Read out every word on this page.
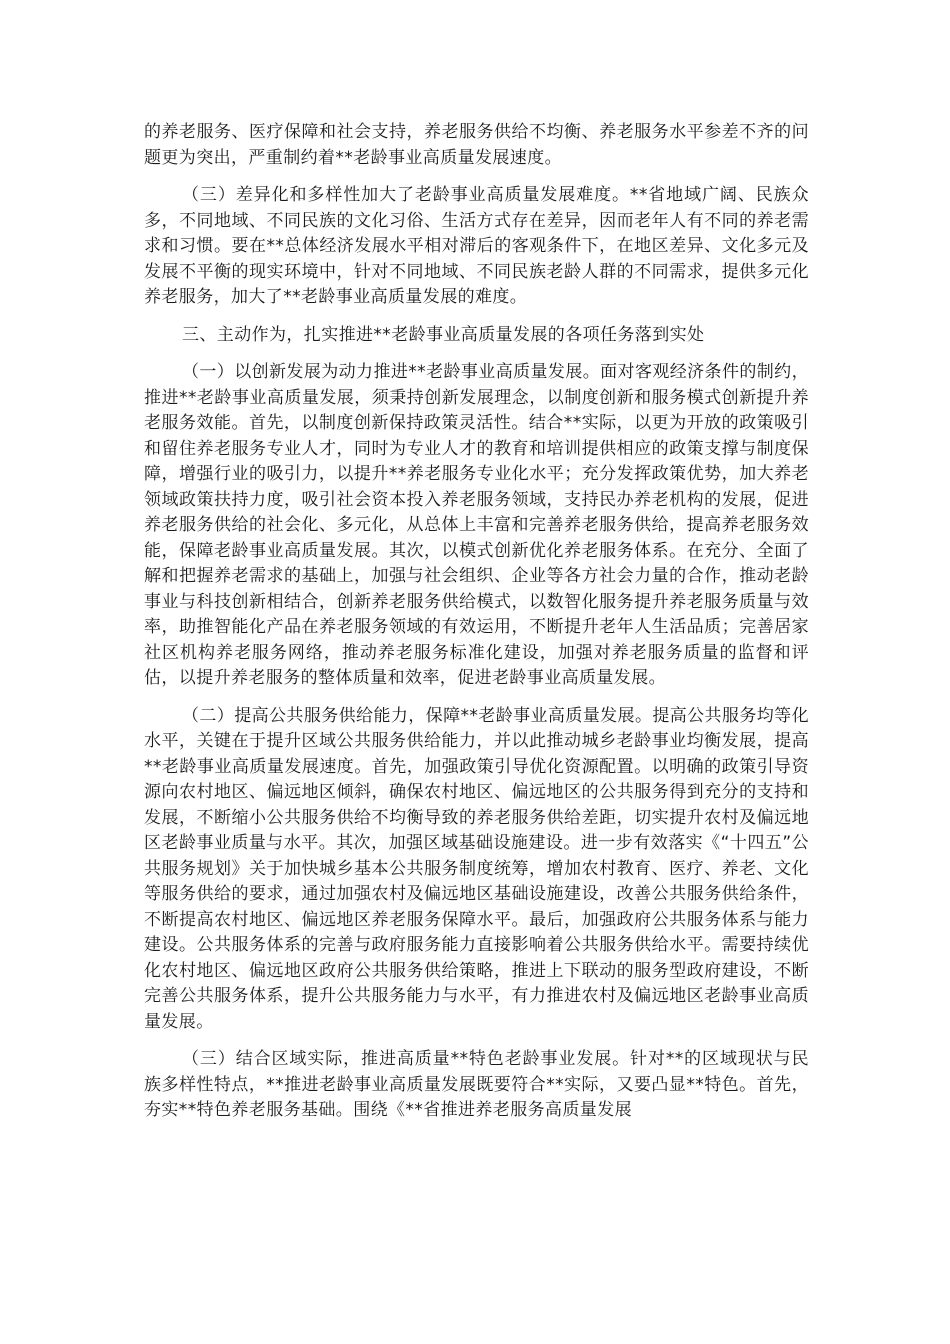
的养老服务、医疗保障和社会支持，养老服务供给不均衡、养老服务水平参差不齐的问题更为突出，严重制约着**老龄事业高质量发展速度。

（三）差异化和多样性加大了老龄事业高质量发展难度。**省地域广阔、民族众多，不同地域、不同民族的文化习俗、生活方式存在差异，因而老年人有不同的养老需求和习惯。要在**总体经济发展水平相对滞后的客观条件下，在地区差异、文化多元及发展不平衡的现实环境中，针对不同地域、不同民族老龄人群的不同需求，提供多元化养老服务，加大了**老龄事业高质量发展的难度。

三、主动作为，扎实推进**老龄事业高质量发展的各项任务落到实处

（一）以创新发展为动力推进**老龄事业高质量发展。面对客观经济条件的制约，推进**老龄事业高质量发展，须秉持创新发展理念，以制度创新和服务模式创新提升养老服务效能。首先，以制度创新保持政策灵活性。结合**实际，以更为开放的政策吸引和留住养老服务专业人才，同时为专业人才的教育和培训提供相应的政策支撑与制度保障，增强行业的吸引力，以提升**养老服务专业化水平；充分发挥政策优势，加大养老领域政策扶持力度，吸引社会资本投入养老服务领域，支持民办养老机构的发展，促进养老服务供给的社会化、多元化，从总体上丰富和完善养老服务供给，提高养老服务效能，保障老龄事业高质量发展。其次，以模式创新优化养老服务体系。在充分、全面了解和把握养老需求的基础上，加强与社会组织、企业等各方社会力量的合作，推动老龄事业与科技创新相结合，创新养老服务供给模式，以数智化服务提升养老服务质量与效率，助推智能化产品在养老服务领域的有效运用，不断提升老年人生活品质；完善居家社区机构养老服务网络，推动养老服务标准化建设，加强对养老服务质量的监督和评估，以提升养老服务的整体质量和效率，促进老龄事业高质量发展。

（二）提高公共服务供给能力，保障**老龄事业高质量发展。提高公共服务均等化水平，关键在于提升区域公共服务供给能力，并以此推动城乡老龄事业均衡发展，提高**老龄事业高质量发展速度。首先，加强政策引导优化资源配置。以明确的政策引导资源向农村地区、偏远地区倾斜，确保农村地区、偏远地区的公共服务得到充分的支持和发展，不断缩小公共服务供给不均衡导致的养老服务供给差距，切实提升农村及偏远地区老龄事业质量与水平。其次，加强区域基础设施建设。进一步有效落实《“十四五”公共服务规划》关于加快城乡基本公共服务制度统筹，增加农村教育、医疗、养老、文化等服务供给的要求，通过加强农村及偏远地区基础设施建设，改善公共服务供给条件，不断提高农村地区、偏远地区养老服务保障水平。最后，加强政府公共服务体系与能力建设。公共服务体系的完善与政府服务能力直接影响着公共服务供给水平。需要持续优化农村地区、偏远地区政府公共服务供给策略，推进上下联动的服务型政府建设，不断完善公共服务体系，提升公共服务能力与水平，有力推进农村及偏远地区老龄事业高质量发展。

（三）结合区域实际，推进高质量**特色老龄事业发展。针对**的区域现状与民族多样性特点，**推进老龄事业高质量发展既要符合**实际，又要凸显**特色。首先，夯实**特色养老服务基础。围绕《**省推进养老服务高质量发展
